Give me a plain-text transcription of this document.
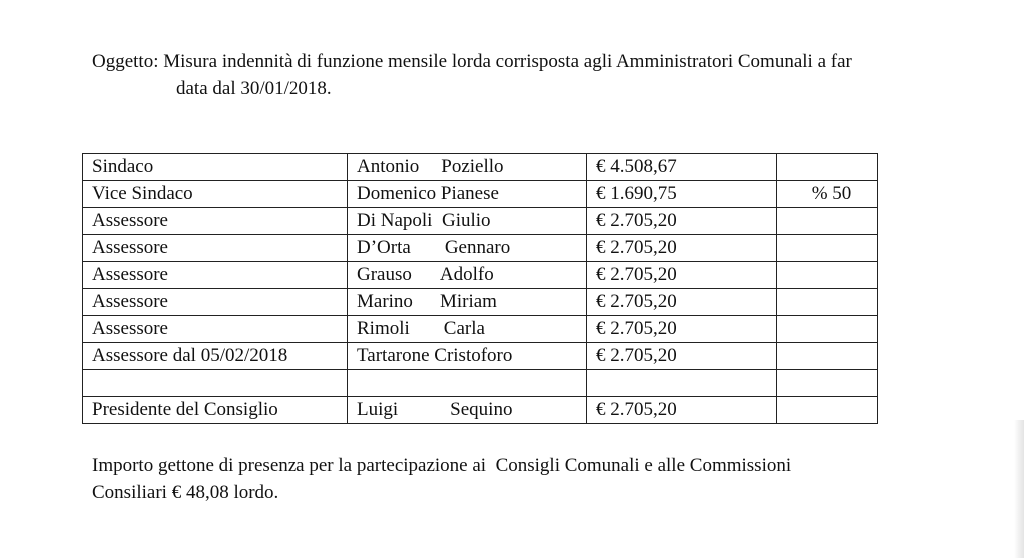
Oggetto: Misura indennità di funzione mensile lorda corrisposta agli Amministratori Comunali a far
data dal 30/01/2018.
Sindaco	Antonio Poziello	€ 4.508,67	
Vice Sindaco	Domenico Pianese	€ 1.690,75	% 50
Assessore	Di Napoli Giulio	€ 2.705,20	
Assessore	D’Orta Gennaro	€ 2.705,20	
Assessore	Grauso Adolfo	€ 2.705,20	
Assessore	Marino Miriam	€ 2.705,20	
Assessore	Rimoli Carla	€ 2.705,20	
Assessore dal 05/02/2018	Tartarone Cristoforo	€ 2.705,20	

Presidente del Consiglio	Luigi Sequino	€ 2.705,20	
Importo gettone di presenza per la partecipazione ai  Consigli Comunali e alle Commissioni
Consiliari € 48,08 lordo.
